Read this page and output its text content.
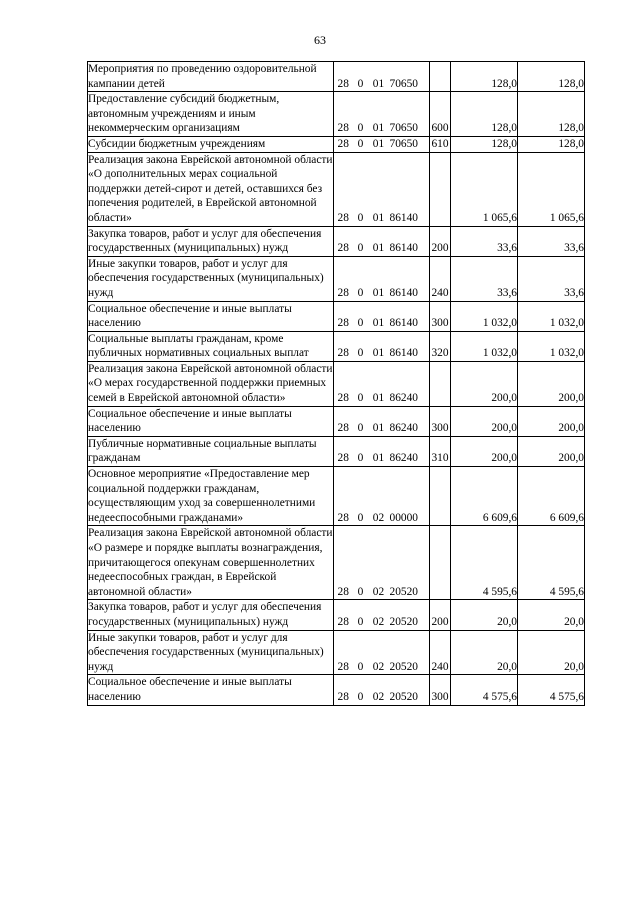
63
Мероприятия по проведению оздоровительной кампании детей	28 0 01 70650		128,0	128,0
Предоставление субсидий бюджетным, автономным учреждениям и иным некоммерческим организациям	28 0 01 70650	600	128,0	128,0
Субсидии бюджетным учреждениям	28 0 01 70650	610	128,0	128,0
Реализация закона Еврейской автономной области «О дополнительных мерах социальной поддержки детей-сирот и детей, оставшихся без попечения родителей, в Еврейской автономной области»	28 0 01 86140		1 065,6	1 065,6
Закупка товаров, работ и услуг для обеспечения государственных (муниципальных) нужд	28 0 01 86140	200	33,6	33,6
Иные закупки товаров, работ и услуг для обеспечения государственных (муниципальных) нужд	28 0 01 86140	240	33,6	33,6
Социальное обеспечение и иные выплаты населению	28 0 01 86140	300	1 032,0	1 032,0
Социальные выплаты гражданам, кроме публичных нормативных социальных выплат	28 0 01 86140	320	1 032,0	1 032,0
Реализация закона Еврейской автономной области «О мерах государственной поддержки приемных семей в Еврейской автономной области»	28 0 01 86240		200,0	200,0
Социальное обеспечение и иные выплаты населению	28 0 01 86240	300	200,0	200,0
Публичные нормативные социальные выплаты гражданам	28 0 01 86240	310	200,0	200,0
Основное мероприятие «Предоставление мер социальной поддержки гражданам, осуществляющим уход за совершеннолетними недееспособными гражданами»	28 0 02 00000		6 609,6	6 609,6
Реализация закона Еврейской автономной области «О размере и порядке выплаты вознаграждения, причитающегося опекунам совершеннолетних недееспособных граждан, в Еврейской автономной области»	28 0 02 20520		4 595,6	4 595,6
Закупка товаров, работ и услуг для обеспечения государственных (муниципальных) нужд	28 0 02 20520	200	20,0	20,0
Иные закупки товаров, работ и услуг для обеспечения государственных (муниципальных) нужд	28 0 02 20520	240	20,0	20,0
Социальное обеспечение и иные выплаты населению	28 0 02 20520	300	4 575,6	4 575,6
